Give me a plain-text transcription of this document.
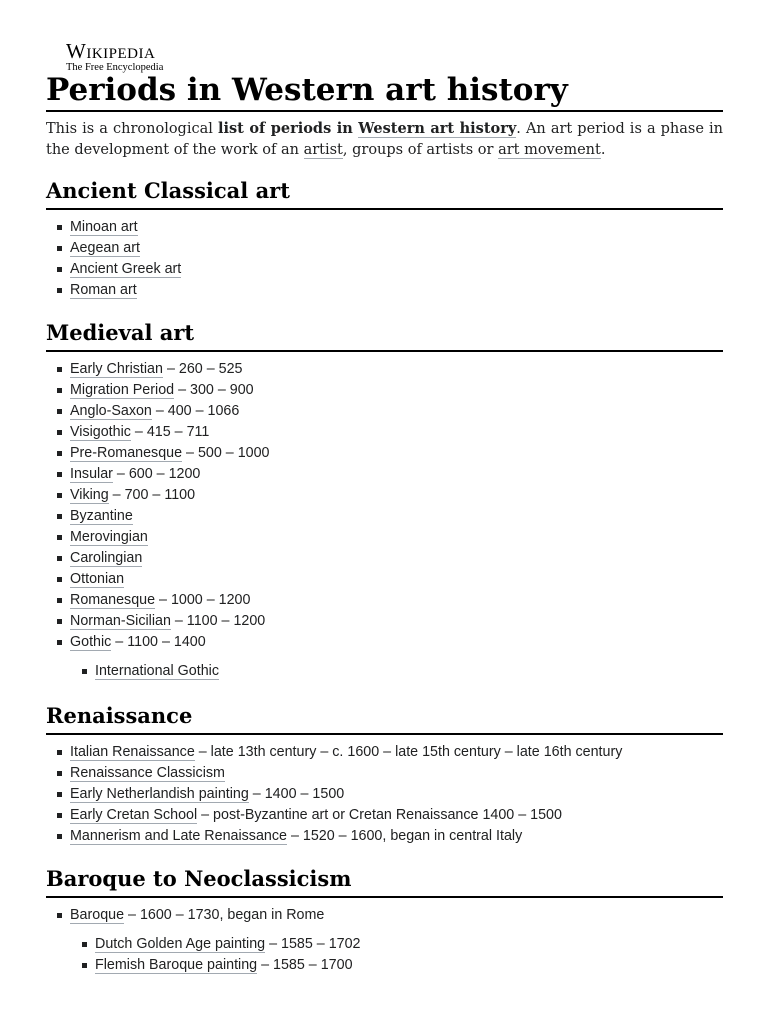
Wikipedia
The Free Encyclopedia
Periods in Western art history
This is a chronological list of periods in Western art history. An art period is a phase in the development of the work of an artist, groups of artists or art movement.
Ancient Classical art
Minoan art
Aegean art
Ancient Greek art
Roman art
Medieval art
Early Christian – 260 – 525
Migration Period – 300 – 900
Anglo-Saxon – 400 – 1066
Visigothic – 415 – 711
Pre-Romanesque – 500 – 1000
Insular – 600 – 1200
Viking – 700 – 1100
Byzantine
Merovingian
Carolingian
Ottonian
Romanesque – 1000 – 1200
Norman-Sicilian – 1100 – 1200
Gothic – 1100 – 1400
International Gothic
Renaissance
Italian Renaissance – late 13th century – c. 1600 – late 15th century – late 16th century
Renaissance Classicism
Early Netherlandish painting – 1400 – 1500
Early Cretan School – post-Byzantine art or Cretan Renaissance 1400 – 1500
Mannerism and Late Renaissance – 1520 – 1600, began in central Italy
Baroque to Neoclassicism
Baroque – 1600 – 1730, began in Rome
Dutch Golden Age painting – 1585 – 1702
Flemish Baroque painting – 1585 – 1700
